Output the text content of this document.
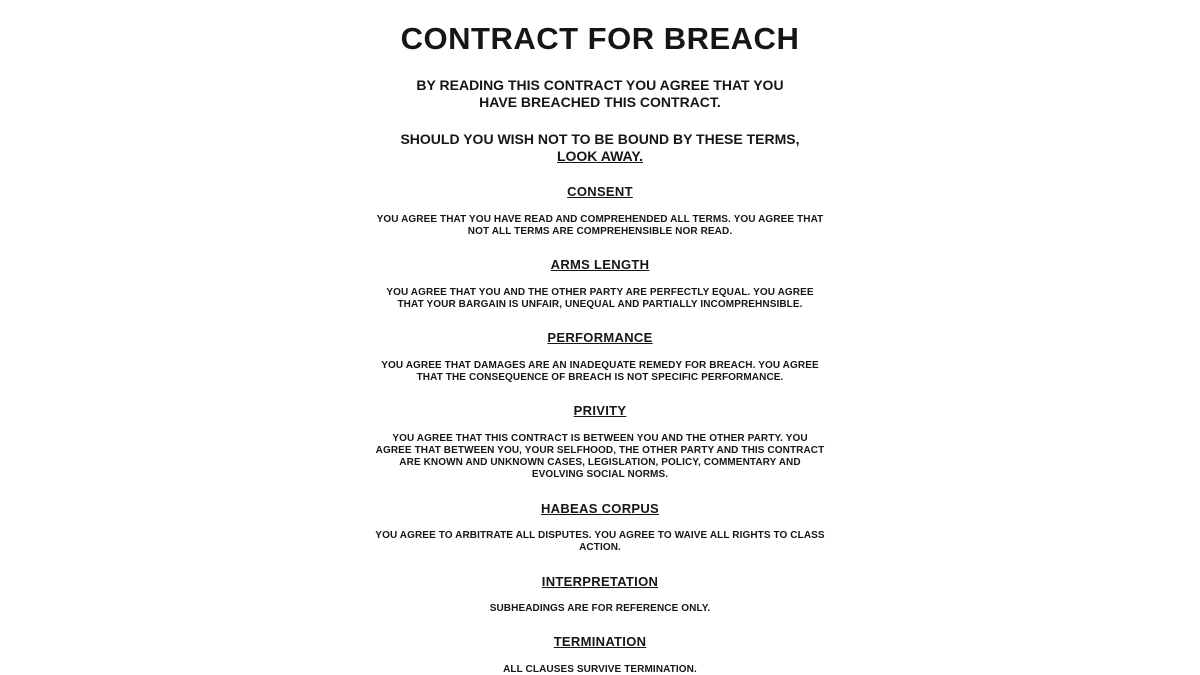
CONTRACT FOR BREACH
BY READING THIS CONTRACT YOU AGREE THAT YOU
HAVE BREACHED THIS CONTRACT.
SHOULD YOU WISH NOT TO BE BOUND BY THESE TERMS,
LOOK AWAY.
CONSENT

YOU AGREE THAT YOU HAVE READ AND COMPREHENDED ALL TERMS. YOU AGREE THAT NOT ALL TERMS ARE COMPREHENSIBLE NOR READ.

ARMS LENGTH

YOU AGREE THAT YOU AND THE OTHER PARTY ARE PERFECTLY EQUAL. YOU AGREE THAT YOUR BARGAIN IS UNFAIR, UNEQUAL AND PARTIALLY INCOMPREHNSIBLE.

PERFORMANCE

YOU AGREE THAT DAMAGES ARE AN INADEQUATE REMEDY FOR BREACH. YOU AGREE THAT THE CONSEQUENCE OF BREACH IS NOT SPECIFIC PERFORMANCE.

PRIVITY

YOU AGREE THAT THIS CONTRACT IS BETWEEN YOU AND THE OTHER PARTY. YOU AGREE THAT BETWEEN YOU, YOUR SELFHOOD, THE OTHER PARTY AND THIS CONTRACT ARE KNOWN AND UNKNOWN CASES, LEGISLATION, POLICY, COMMENTARY AND EVOLVING SOCIAL NORMS.

HABEAS CORPUS

YOU AGREE TO ARBITRATE ALL DISPUTES. YOU AGREE TO WAIVE ALL RIGHTS TO CLASS ACTION.

INTERPRETATION

SUBHEADINGS ARE FOR REFERENCE ONLY.

TERMINATION

ALL CLAUSES SURVIVE TERMINATION.
